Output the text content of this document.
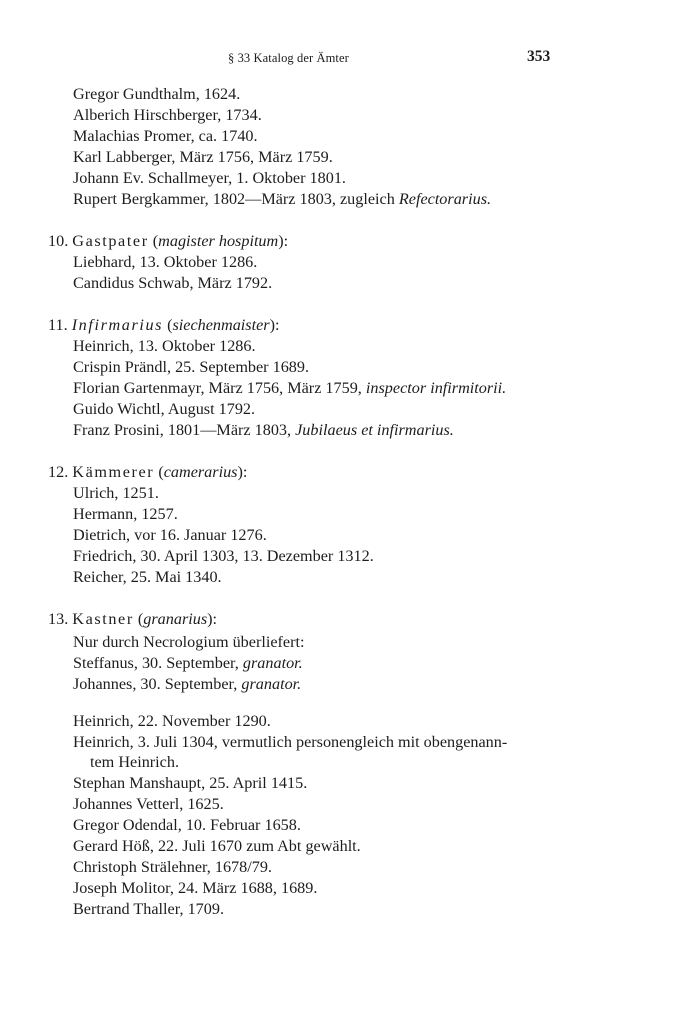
§ 33 Katalog der Ämter	353
Gregor Gundthalm, 1624.
Alberich Hirschberger, 1734.
Malachias Promer, ca. 1740.
Karl Labberger, März 1756, März 1759.
Johann Ev. Schallmeyer, 1. Oktober 1801.
Rupert Bergkammer, 1802—März 1803, zugleich Refectorarius.
10. Gastpater (magister hospitum):
Liebhard, 13. Oktober 1286.
Candidus Schwab, März 1792.
11. Infirmarius (siechenmaister):
Heinrich, 13. Oktober 1286.
Crispin Prändl, 25. September 1689.
Florian Gartenmayr, März 1756, März 1759, inspector infirmitorii.
Guido Wichtl, August 1792.
Franz Prosini, 1801—März 1803, Jubilaeus et infirmarius.
12. Kämmerer (camerarius):
Ulrich, 1251.
Hermann, 1257.
Dietrich, vor 16. Januar 1276.
Friedrich, 30. April 1303, 13. Dezember 1312.
Reicher, 25. Mai 1340.
13. Kastner (granarius):
Nur durch Necrologium überliefert:
Steffanus, 30. September, granator.
Johannes, 30. September, granator.
Heinrich, 22. November 1290.
Heinrich, 3. Juli 1304, vermutlich personengleich mit obengenann-
tem Heinrich.
Stephan Manshaupt, 25. April 1415.
Johannes Vetterl, 1625.
Gregor Odendal, 10. Februar 1658.
Gerard Höß, 22. Juli 1670 zum Abt gewählt.
Christoph Strälehner, 1678/79.
Joseph Molitor, 24. März 1688, 1689.
Bertrand Thaller, 1709.
